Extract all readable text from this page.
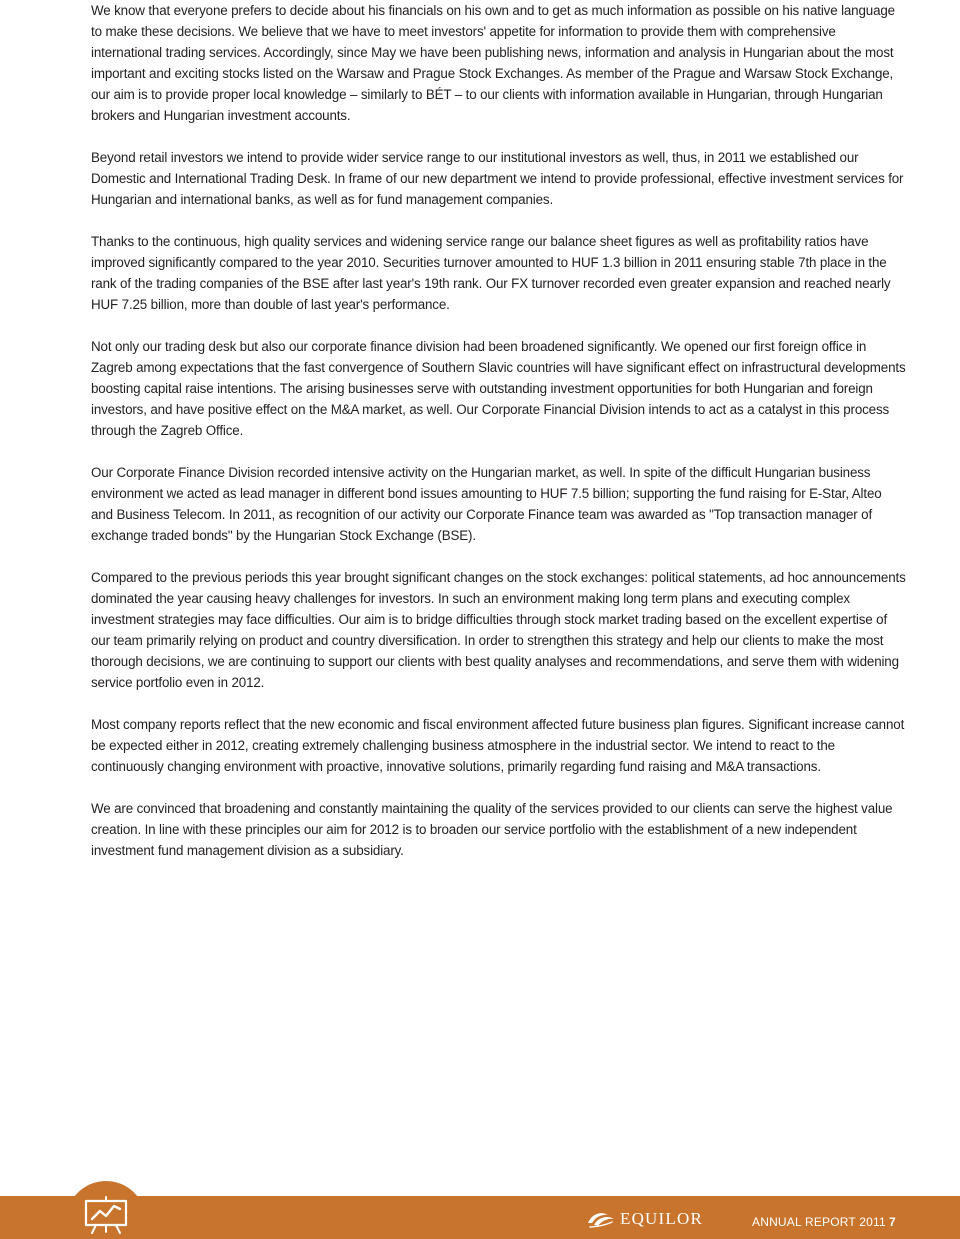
We know that everyone prefers to decide about his financials on his own and to get as much information as possible on his native language to make these decisions. We believe that we have to meet investors' appetite for information to provide them with comprehensive international trading services. Accordingly, since May we have been publishing news, information and analysis in Hungarian about the most important and exciting stocks listed on the Warsaw and Prague Stock Exchanges. As member of the Prague and Warsaw Stock Exchange, our aim is to provide proper local knowledge – similarly to BÉT – to our clients with information available in Hungarian, through Hungarian brokers and Hungarian investment accounts.

Beyond retail investors we intend to provide wider service range to our institutional investors as well, thus, in 2011 we established our Domestic and International Trading Desk. In frame of our new department we intend to provide professional, effective investment services for Hungarian and international banks, as well as for fund management companies.

Thanks to the continuous, high quality services and widening service range our balance sheet figures as well as profitability ratios have improved significantly compared to the year 2010. Securities turnover amounted to HUF 1.3 billion in 2011 ensuring stable 7th place in the rank of the trading companies of the BSE after last year's 19th rank. Our FX turnover recorded even greater expansion and reached nearly HUF 7.25 billion, more than double of last year's performance.

Not only our trading desk but also our corporate finance division had been broadened significantly. We opened our first foreign office in Zagreb among expectations that the fast convergence of Southern Slavic countries will have significant effect on infrastructural developments boosting capital raise intentions. The arising businesses serve with outstanding investment opportunities for both Hungarian and foreign investors, and have positive effect on the M&A market, as well. Our Corporate Financial Division intends to act as a catalyst in this process through the Zagreb Office.

Our Corporate Finance Division recorded intensive activity on the Hungarian market, as well. In spite of the difficult Hungarian business environment we acted as lead manager in different bond issues amounting to HUF 7.5 billion; supporting the fund raising for E-Star, Alteo and Business Telecom. In 2011, as recognition of our activity our Corporate Finance team was awarded as "Top transaction manager of exchange traded bonds" by the Hungarian Stock Exchange (BSE).

Compared to the previous periods this year brought significant changes on the stock exchanges: political statements, ad hoc announcements dominated the year causing heavy challenges for investors. In such an environment making long term plans and executing complex investment strategies may face difficulties. Our aim is to bridge difficulties through stock market trading based on the excellent expertise of our team primarily relying on product and country diversification. In order to strengthen this strategy and help our clients to make the most thorough decisions, we are continuing to support our clients with best quality analyses and recommendations, and serve them with widening service portfolio even in 2012.

Most company reports reflect that the new economic and fiscal environment affected future business plan figures. Significant increase cannot be expected either in 2012, creating extremely challenging business atmosphere in the industrial sector. We intend to react to the continuously changing environment with proactive, innovative solutions, primarily regarding fund raising and M&A transactions.

We are convinced that broadening and constantly maintaining the quality of the services provided to our clients can serve the highest value creation. In line with these principles our aim for 2012 is to broaden our service portfolio with the establishment of a new independent investment fund management division as a subsidiary.

EQUILOR	ANNUAL REPORT 2011 7
